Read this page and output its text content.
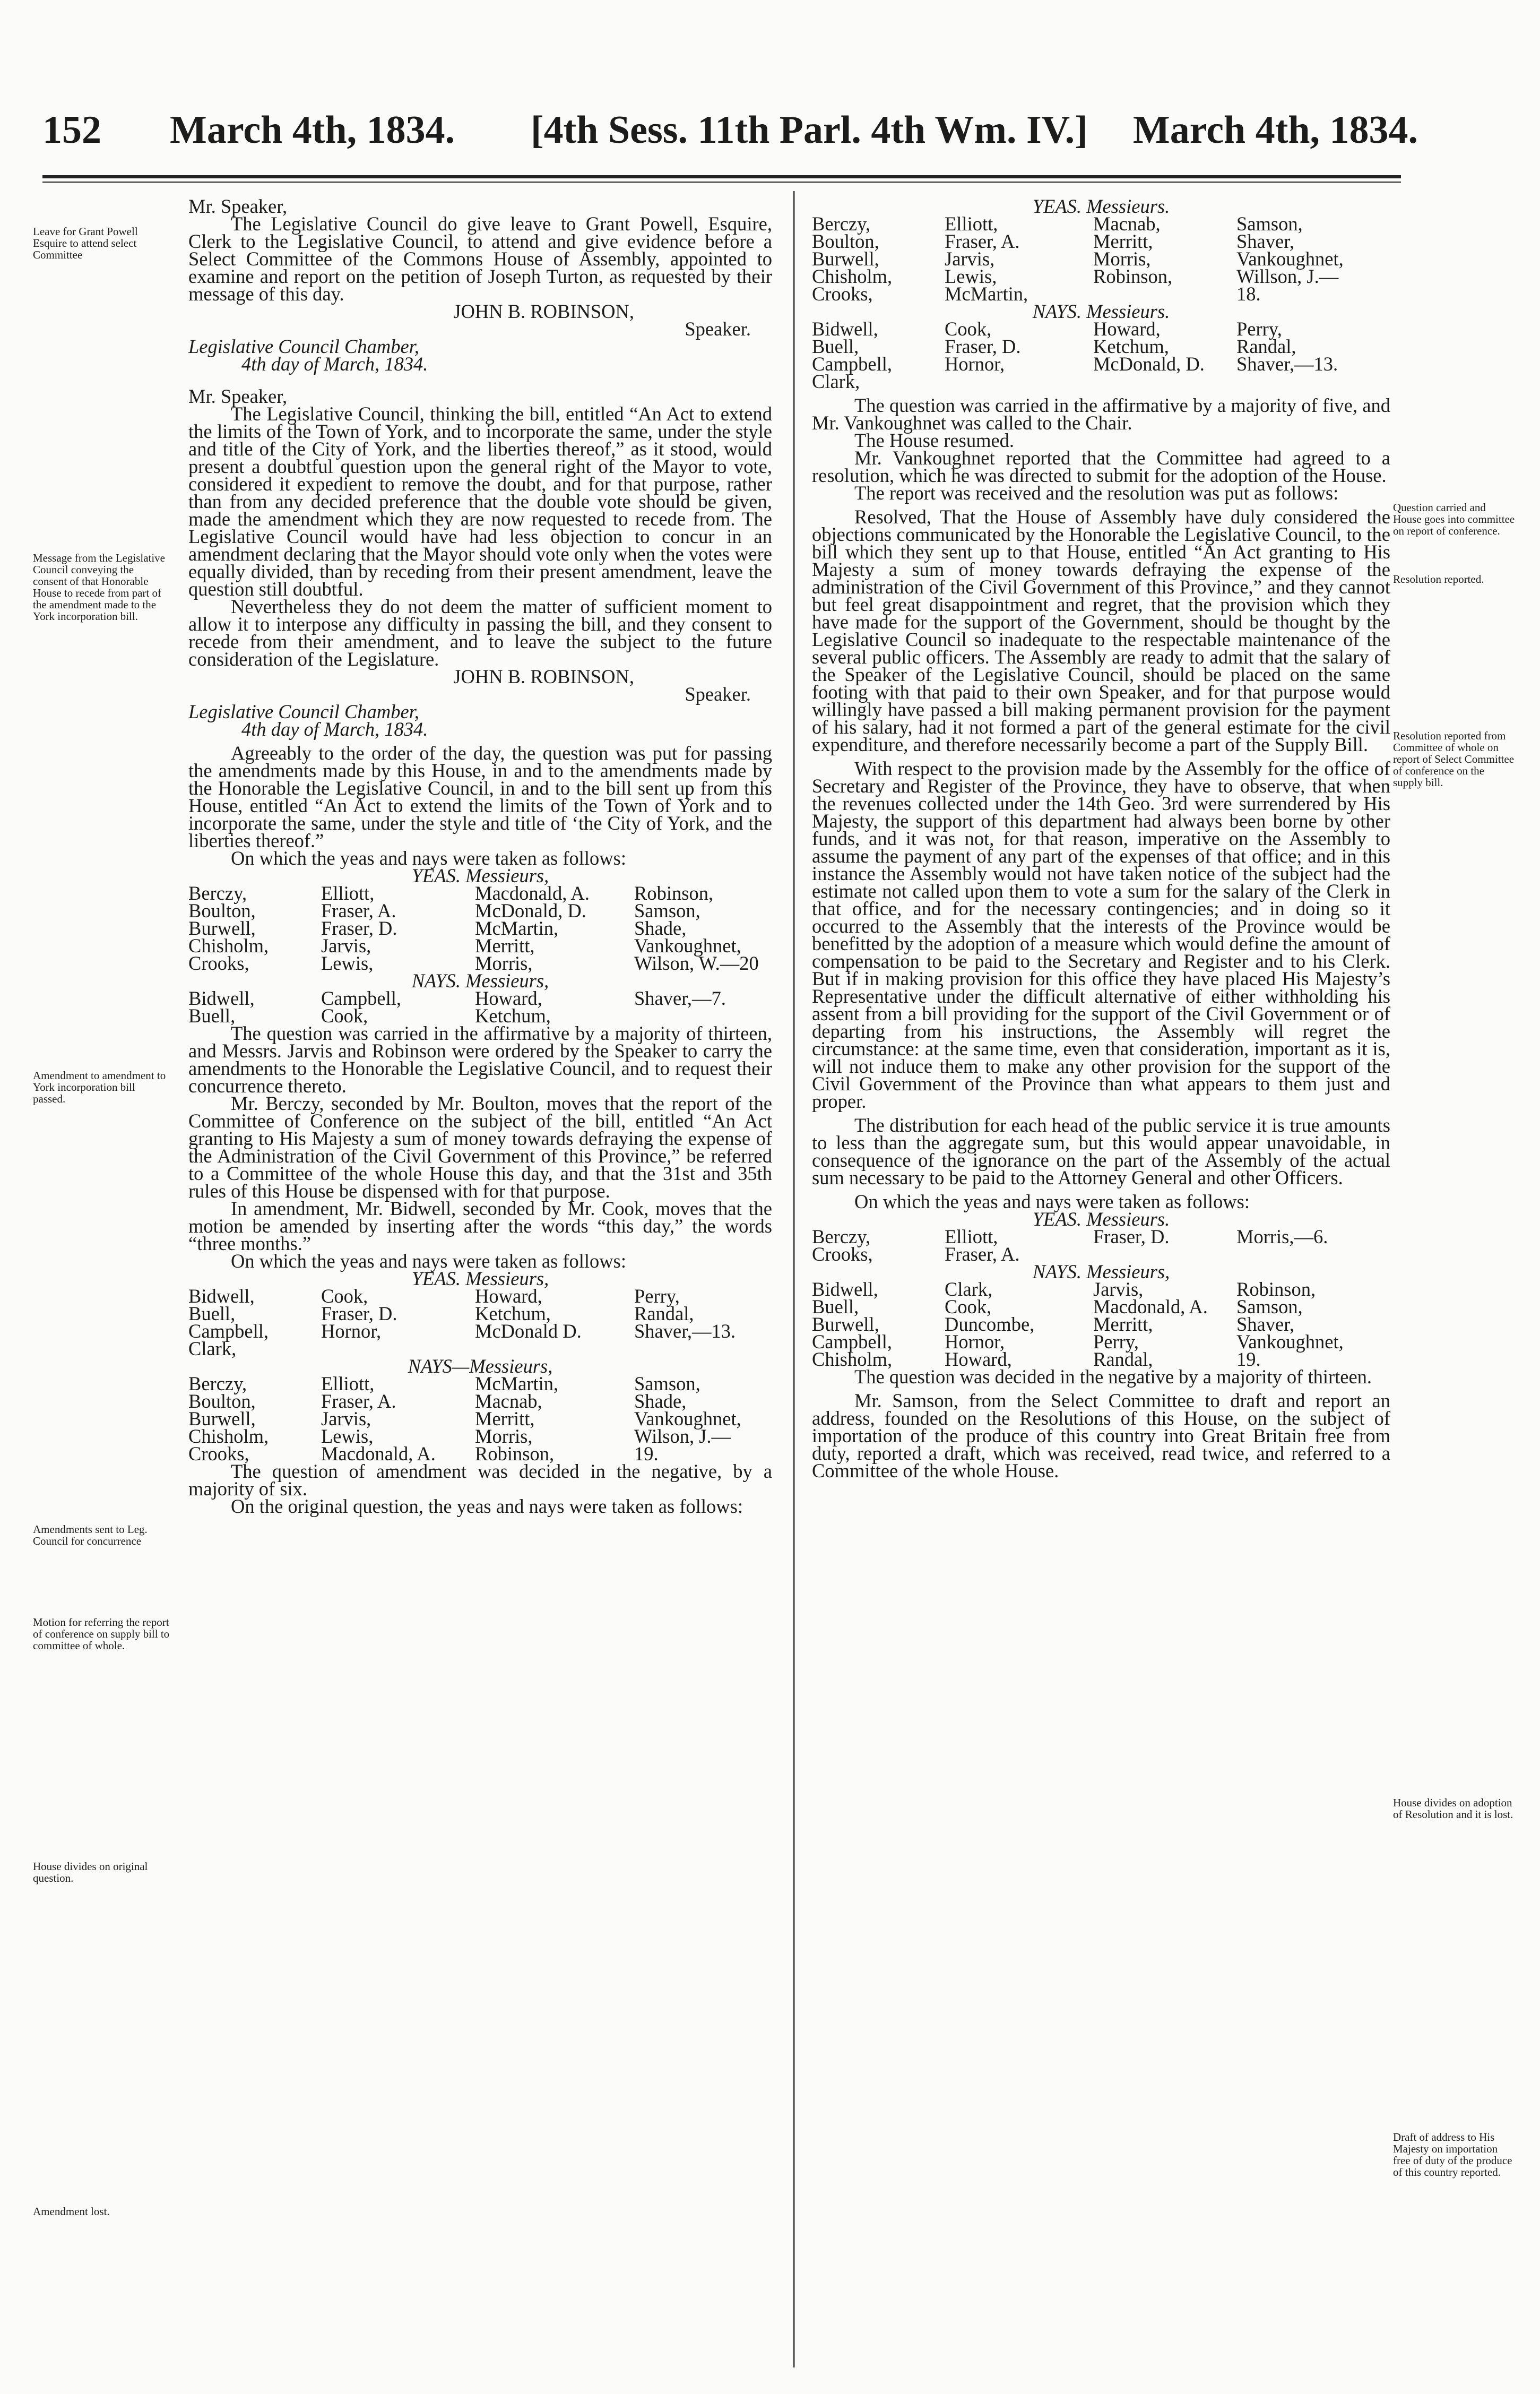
152 March 4th, 1834. [4th Sess. 11th Parl. 4th Wm. IV.] March 4th, 1834.
Leave for Grant Powell Esquire to attend select Committee
Message from the Legislative Council conveying the consent of that Honorable House to recede from part of the amendment made to the York incorporation bill.
Amendment to amendment to York incorporation bill passed.
Amendments sent to Leg. Council for concurrence
Motion for referring the report of conference on supply bill to committee of whole.
House divides on original question.
Amendment lost.
Question carried and House goes into committee on report of conference.
Resolution reported.
Resolution reported from Committee of whole on report of Select Committee of conference on the supply bill.
House divides on adoption of Resolution and it is lost.
Draft of address to His Majesty on importation free of duty of the produce of this country reported.

Mr. Speaker,

The Legislative Council do give leave to Grant Powell, Esquire, Clerk to the Legislative Council, to attend and give evidence before a Select Committee of the Commons House of Assembly, appointed to examine and report on the petition of Joseph Turton, as requested by their message of this day.

JOHN B. ROBINSON,

Speaker.

Legislative Council Chamber,

4th day of March, 1834.

Mr. Speaker,

The Legislative Council, thinking the bill, entitled “An Act to extend the limits of the Town of York, and to incorporate the same, under the style and title of the City of York, and the liberties thereof,” as it stood, would present a doubtful question upon the general right of the Mayor to vote, considered it expedient to remove the doubt, and for that purpose, rather than from any decided preference that the double vote should be given, made the amendment which they are now requested to recede from. The Legislative Council would have had less objection to concur in an amendment declaring that the Mayor should vote only when the votes were equally divided, than by receding from their present amendment, leave the question still doubtful.

Nevertheless they do not deem the matter of sufficient moment to allow it to interpose any difficulty in passing the bill, and they consent to recede from their amendment, and to leave the subject to the future consideration of the Legislature.

JOHN B. ROBINSON,

Speaker.

Legislative Council Chamber,

4th day of March, 1834.

Agreeably to the order of the day, the question was put for passing the amendments made by this House, in and to the amendments made by the Honorable the Legislative Council, in and to the bill sent up from this House, entitled “An Act to extend the limits of the Town of York and to incorporate the same, under the style and title of ‘the City of York, and the liberties thereof.”

On which the yeas and nays were taken as follows:

YEAS. Messieurs,

Berczy,	Elliott,	Macdonald, A.	Robinson,
Boulton,	Fraser, A.	McDonald, D.	Samson,
Burwell,	Fraser, D.	McMartin,	Shade,
Chisholm,	Jarvis,	Merritt,	Vankoughnet,
Crooks,	Lewis,	Morris,	Wilson, W.—20

NAYS. Messieurs,

Bidwell,	Campbell,	Howard,	Shaver,—7.
Buell,	Cook,	Ketchum,

The question was carried in the affirmative by a majority of thirteen, and Messrs. Jarvis and Robinson were ordered by the Speaker to carry the amendments to the Honorable the Legislative Council, and to request their concurrence thereto.

Mr. Berczy, seconded by Mr. Boulton, moves that the report of the Committee of Conference on the subject of the bill, entitled “An Act granting to His Majesty a sum of money towards defraying the expense of the Administration of the Civil Government of this Province,” be referred to a Committee of the whole House this day, and that the 31st and 35th rules of this House be dispensed with for that purpose.

In amendment, Mr. Bidwell, seconded by Mr. Cook, moves that the motion be amended by inserting after the words “this day,” the words “three months.”

On which the yeas and nays were taken as follows:

YEAS. Messieurs,

Bidwell,	Cook,	Howard,	Perry,
Buell,	Fraser, D.	Ketchum,	Randal,
Campbell,	Hornor,	McDonald D.	Shaver,—13.
Clark,

NAYS—Messieurs,

Berczy,	Elliott,	McMartin,	Samson,
Boulton,	Fraser, A.	Macnab,	Shade,
Burwell,	Jarvis,	Merritt,	Vankoughnet,
Chisholm,	Lewis,	Morris,	Wilson, J.—
Crooks,	Macdonald, A.	Robinson,	19.

The question of amendment was decided in the negative, by a majority of six.

On the original question, the yeas and nays were taken as follows:

YEAS. Messieurs.

Berczy,	Elliott,	Macnab,	Samson,
Boulton,	Fraser, A.	Merritt,	Shaver,
Burwell,	Jarvis,	Morris,	Vankoughnet,
Chisholm,	Lewis,	Robinson,	Willson, J.—
Crooks,	McMartin,	18.

NAYS. Messieurs.

Bidwell,	Cook,	Howard,	Perry,
Buell,	Fraser, D.	Ketchum,	Randal,
Campbell,	Hornor,	McDonald, D.	Shaver,—13.
Clark,

The question was carried in the affirmative by a majority of five, and Mr. Vankoughnet was called to the Chair.

The House resumed.

Mr. Vankoughnet reported that the Committee had agreed to a resolution, which he was directed to submit for the adoption of the House.

The report was received and the resolution was put as follows:

Resolved, That the House of Assembly have duly considered the objections communicated by the Honorable the Legislative Council, to the bill which they sent up to that House, entitled “An Act granting to His Majesty a sum of money towards defraying the expense of the administration of the Civil Government of this Province,” and they cannot but feel great disappointment and regret, that the provision which they have made for the support of the Government, should be thought by the Legislative Council so inadequate to the respectable maintenance of the several public officers. The Assembly are ready to admit that the salary of the Speaker of the Legislative Council, should be placed on the same footing with that paid to their own Speaker, and for that purpose would willingly have passed a bill making permanent provision for the payment of his salary, had it not formed a part of the general estimate for the civil expenditure, and therefore necessarily become a part of the Supply Bill.

With respect to the provision made by the Assembly for the office of Secretary and Register of the Province, they have to observe, that when the revenues collected under the 14th Geo. 3rd were surrendered by His Majesty, the support of this department had always been borne by other funds, and it was not, for that reason, imperative on the Assembly to assume the payment of any part of the expenses of that office; and in this instance the Assembly would not have taken notice of the subject had the estimate not called upon them to vote a sum for the salary of the Clerk in that office, and for the necessary contingencies; and in doing so it occurred to the Assembly that the interests of the Province would be benefitted by the adoption of a measure which would define the amount of compensation to be paid to the Secretary and Register and to his Clerk. But if in making provision for this office they have placed His Majesty’s Representative under the difficult alternative of either withholding his assent from a bill providing for the support of the Civil Government or of departing from his instructions, the Assembly will regret the circumstance: at the same time, even that consideration, important as it is, will not induce them to make any other provision for the support of the Civil Government of the Province than what appears to them just and proper.

The distribution for each head of the public service it is true amounts to less than the aggregate sum, but this would appear unavoidable, in consequence of the ignorance on the part of the Assembly of the actual sum necessary to be paid to the Attorney General and other Officers.

On which the yeas and nays were taken as follows:

YEAS. Messieurs.

Berczy,	Elliott,	Fraser, D.	Morris,—6.
Crooks,	Fraser, A.

NAYS. Messieurs,

Bidwell,	Clark,	Jarvis,	Robinson,
Buell,	Cook,	Macdonald, A.	Samson,
Burwell,	Duncombe,	Merritt,	Shaver,
Campbell,	Hornor,	Perry,	Vankoughnet,
Chisholm,	Howard,	Randal,	19.

The question was decided in the negative by a majority of thirteen.

Mr. Samson, from the Select Committee to draft and report an address, founded on the Resolutions of this House, on the subject of importation of the produce of this country into Great Britain free from duty, reported a draft, which was received, read twice, and referred to a Committee of the whole House.
